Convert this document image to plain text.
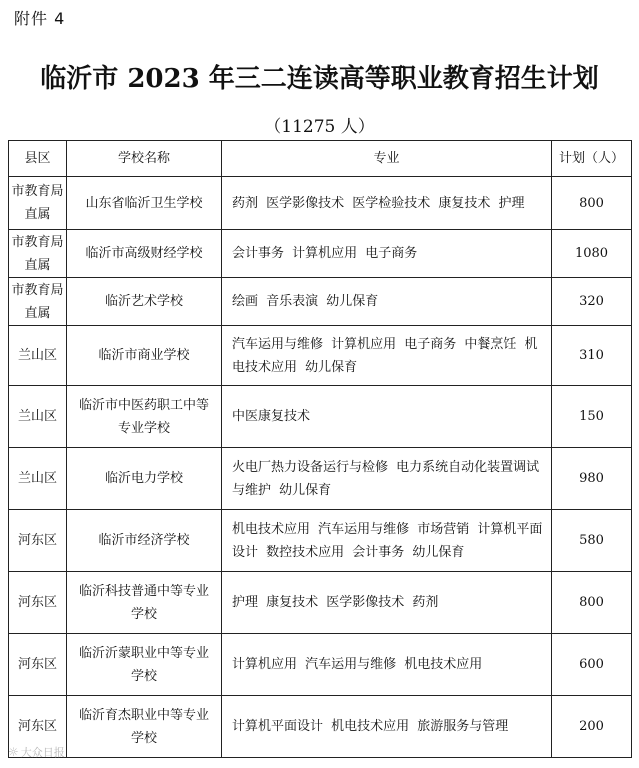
附件 4
临沂市 2023 年三二连读高等职业教育招生计划
（11275 人）
县区	学校名称	专业	计划（人）
市教育局直属	山东省临沂卫生学校	药剂 医学影像技术 医学检验技术 康复技术 护理	800
市教育局直属	临沂市高级财经学校	会计事务 计算机应用 电子商务	1080
市教育局直属	临沂艺术学校	绘画 音乐表演 幼儿保育	320
兰山区	临沂市商业学校	汽车运用与维修 计算机应用 电子商务 中餐烹饪 机电技术应用 幼儿保育	310
兰山区	临沂市中医药职工中等专业学校	中医康复技术	150
兰山区	临沂电力学校	火电厂热力设备运行与检修 电力系统自动化装置调试与维护 幼儿保育	980
河东区	临沂市经济学校	机电技术应用 汽车运用与维修 市场营销 计算机平面设计 数控技术应用 会计事务 幼儿保育	580
河东区	临沂科技普通中等专业学校	护理 康复技术 医学影像技术 药剂	800
河东区	临沂沂蒙职业中等专业学校	计算机应用 汽车运用与维修 机电技术应用	600
河东区	临沂育杰职业中等专业学校	计算机平面设计 机电技术应用 旅游服务与管理	200
☼ 大众日报
